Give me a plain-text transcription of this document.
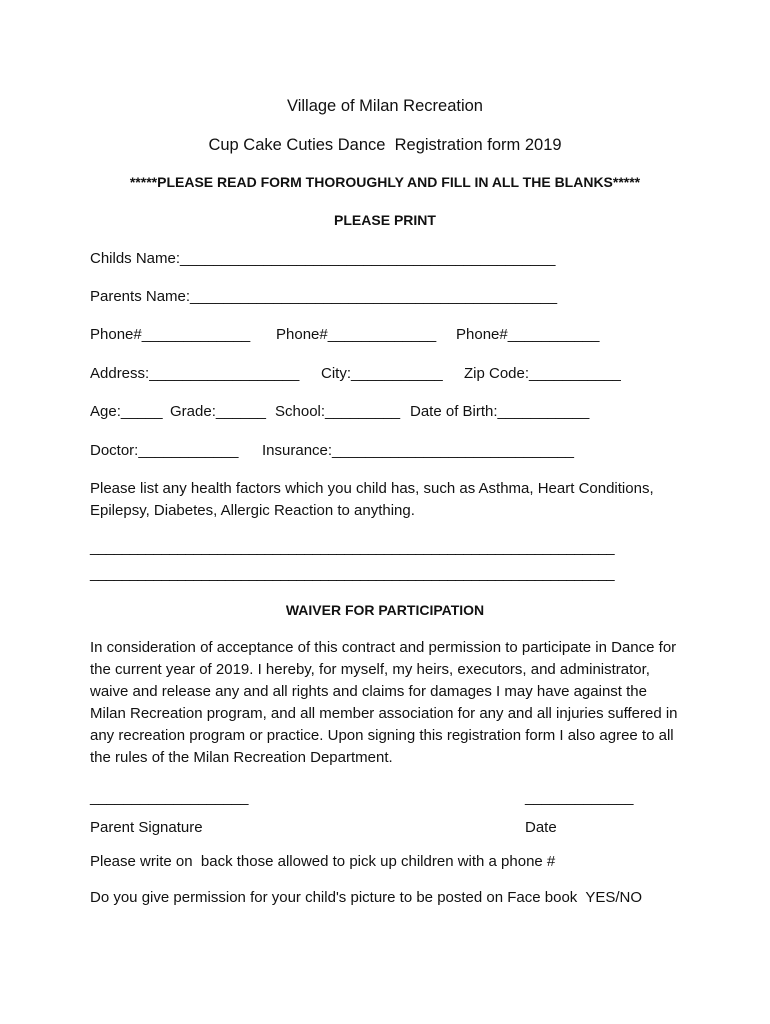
Village of Milan Recreation
Cup Cake Cuties Dance  Registration form 2019
*****PLEASE READ FORM THOROUGHLY AND FILL IN ALL THE BLANKS*****
PLEASE PRINT
Childs Name:_____________________________________________
Parents Name:____________________________________________
Phone#_____________ Phone#_____________ Phone#___________
Address:__________________ City:___________ Zip Code:___________
Age:_____ Grade:______ School:_________ Date of Birth:___________
Doctor:____________ Insurance:_____________________________
Please list any health factors which you child has, such as Asthma, Heart Conditions, Epilepsy, Diabetes, Allergic Reaction to anything.
__________________________________________________________________
__________________________________________________________________
WAIVER FOR PARTICIPATION
In consideration of acceptance of this contract and permission to participate in Dance for the current year of 2019. I hereby, for myself, my heirs, executors, and administrator, waive and release any and all rights and claims for damages I may have against the Milan Recreation program, and all member association for any and all injuries suffered in any recreation program or practice. Upon signing this registration form I also agree to all the rules of the Milan Recreation Department.
___________________	_____________
Parent Signature	Date
Please write on  back those allowed to pick up children with a phone #
Do you give permission for your child's picture to be posted on Face book  YES/NO
